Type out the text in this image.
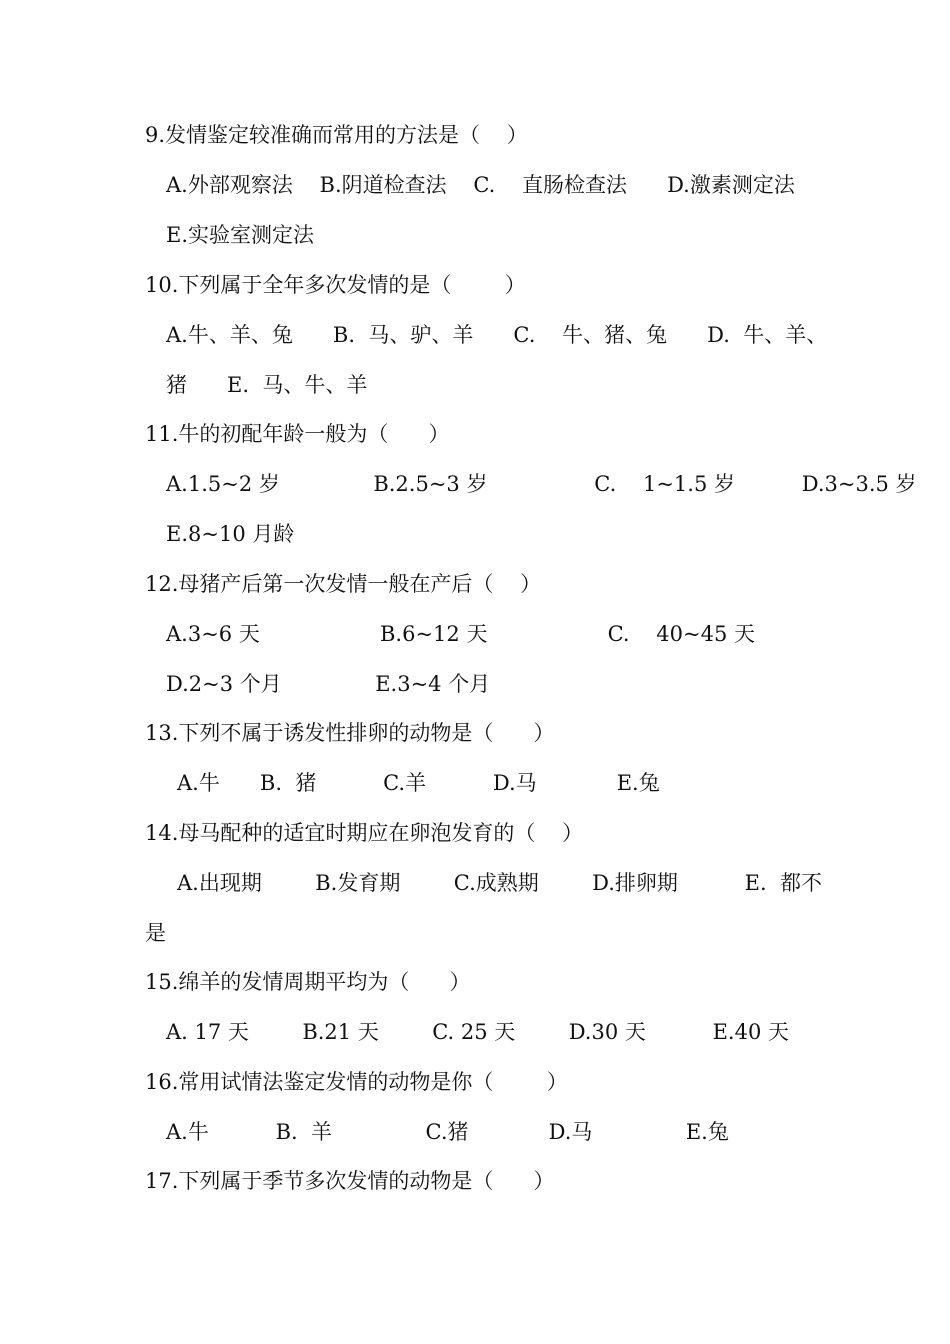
9.发情鉴定较准确而常用的方法是（    ）
A.外部观察法    B.阴道检查法    C.    直肠检查法      D.激素测定法
E.实验室测定法
10.下列属于全年多次发情的是（        ）
A.牛、羊、兔      B.  马、驴、羊      C.    牛、猪、兔      D.  牛、羊、
猪      E.  马、牛、羊
11.牛的初配年龄一般为（      ）
A.1.5~2 岁              B.2.5~3 岁                C.    1~1.5 岁          D.3~3.5 岁
E.8~10 月龄
12.母猪产后第一次发情一般在产后（    ）
A.3~6 天                  B.6~12 天                  C.    40~45 天
D.2~3 个月              E.3~4 个月
13.下列不属于诱发性排卵的动物是（      ）
A.牛      B.  猪          C.羊          D.马            E.兔
14.母马配种的适宜时期应在卵泡发育的（    ）
A.出现期        B.发育期        C.成熟期        D.排卵期          E.  都不
是
15.绵羊的发情周期平均为（      ）
A. 17 天        B.21 天        C. 25 天        D.30 天          E.40 天
16.常用试情法鉴定发情的动物是你（        ）
A.牛          B.  羊              C.猪            D.马              E.兔
17.下列属于季节多次发情的动物是（      ）
